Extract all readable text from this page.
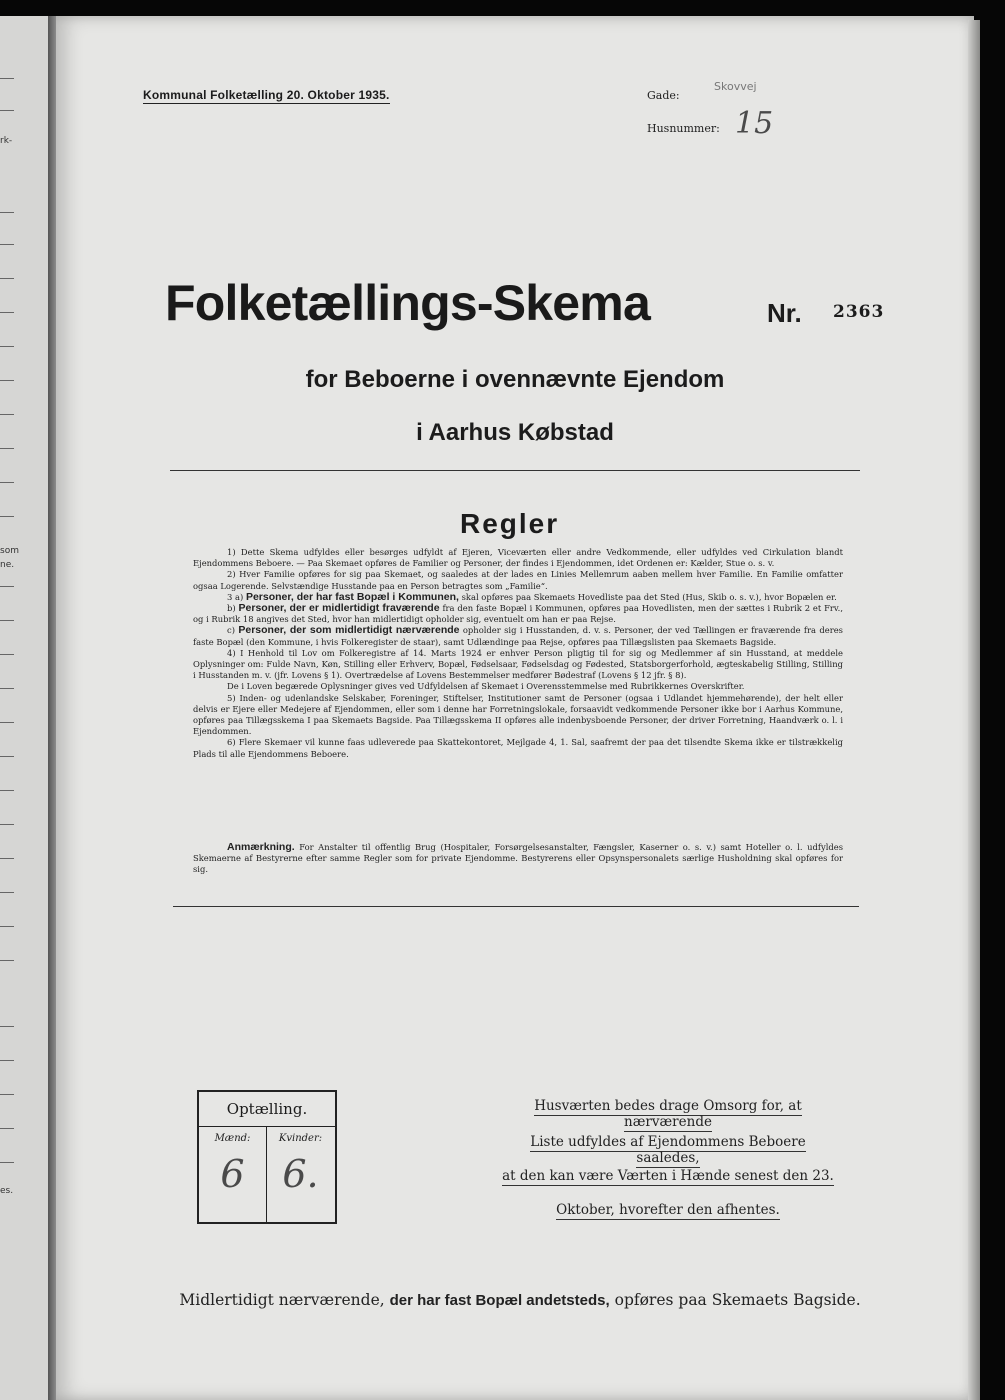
rk-
som
ne.
es.
Kommunal Folketælling 20. Oktober 1935.	Gade:
Skovvej
Husnummer: 15
Folketællings-Skema	Nr. 2363
for Beboerne i ovennævnte Ejendom
i Aarhus Købstad
Regler

1) Dette Skema udfyldes eller besørges udfyldt af Ejeren, Viceværten eller andre Vedkommende, eller udfyldes ved Cirkulation blandt Ejendommens Beboere. — Paa Skemaet opføres de Familier og Personer, der findes i Ejendommen, idet Ordenen er: Kælder, Stue o. s. v.

2) Hver Familie opføres for sig paa Skemaet, og saaledes at der lades en Linies Mellemrum aaben mellem hver Familie. En Familie omfatter ogsaa Logerende. Selvstændige Husstande paa en Person betragtes som „Familie“.

3 a) Personer, der har fast Bopæl i Kommunen, skal opføres paa Skemaets Hovedliste paa det Sted (Hus, Skib o. s. v.), hvor Bopælen er.

b) Personer, der er midlertidigt fraværende fra den faste Bopæl i Kommunen, opføres paa Hovedlisten, men der sættes i Rubrik 2 et Frv., og i Rubrik 18 angives det Sted, hvor han midlertidigt opholder sig, eventuelt om han er paa Rejse.

c) Personer, der som midlertidigt nærværende opholder sig i Husstanden, d. v. s. Personer, der ved Tællingen er fraværende fra deres faste Bopæl (den Kommune, i hvis Folkeregister de staar), samt Udlændinge paa Rejse, opføres paa Tillægslisten paa Skemaets Bagside.

4) I Henhold til Lov om Folkeregistre af 14. Marts 1924 er enhver Person pligtig til for sig og Medlemmer af sin Husstand, at meddele Oplysninger om: Fulde Navn, Køn, Stilling eller Erhverv, Bopæl, Fødselsaar, Fødselsdag og Fødested, Statsborgerforhold, ægteskabelig Stilling, Stilling i Husstanden m. v. (jfr. Lovens § 1). Overtrædelse af Lovens Bestemmelser medfører Bødestraf (Lovens § 12 jfr. § 8).

De i Loven begærede Oplysninger gives ved Udfyldelsen af Skemaet i Overensstemmelse med Rubrikkernes Overskrifter.

5) Inden- og udenlandske Selskaber, Foreninger, Stiftelser, Institutioner samt de Personer (ogsaa i Udlandet hjemmehørende), der helt eller delvis er Ejere eller Medejere af Ejendommen, eller som i denne har Forretningslokale, forsaavidt vedkommende Personer ikke bor i Aarhus Kommune, opføres paa Tillægsskema I paa Skemaets Bagside. Paa Tillægsskema II opføres alle indenbysboende Personer, der driver Forretning, Haandværk o. l. i Ejendommen.

6) Flere Skemaer vil kunne faas udleverede paa Skattekontoret, Mejlgade 4, 1. Sal, saafremt der paa det tilsendte Skema ikke er tilstrækkelig Plads til alle Ejendommens Beboere.

Anmærkning. For Anstalter til offentlig Brug (Hospitaler, Forsørgelsesanstalter, Fængsler, Kaserner o. s. v.) samt Hoteller o. l. udfyldes Skemaerne af Bestyrerne efter samme Regler som for private Ejendomme. Bestyrerens eller Opsynspersonalets særlige Husholdning skal opføres for sig.

Optælling.
Mænd:
6
Kvinder:
6.
Husværten bedes drage Omsorg for, at nærværende
Liste udfyldes af Ejendommens Beboere saaledes,
at den kan være Værten i Hænde senest den 23.
Oktober, hvorefter den afhentes.
Midlertidigt nærværende, der har fast Bopæl andetsteds, opføres paa Skemaets Bagside.
